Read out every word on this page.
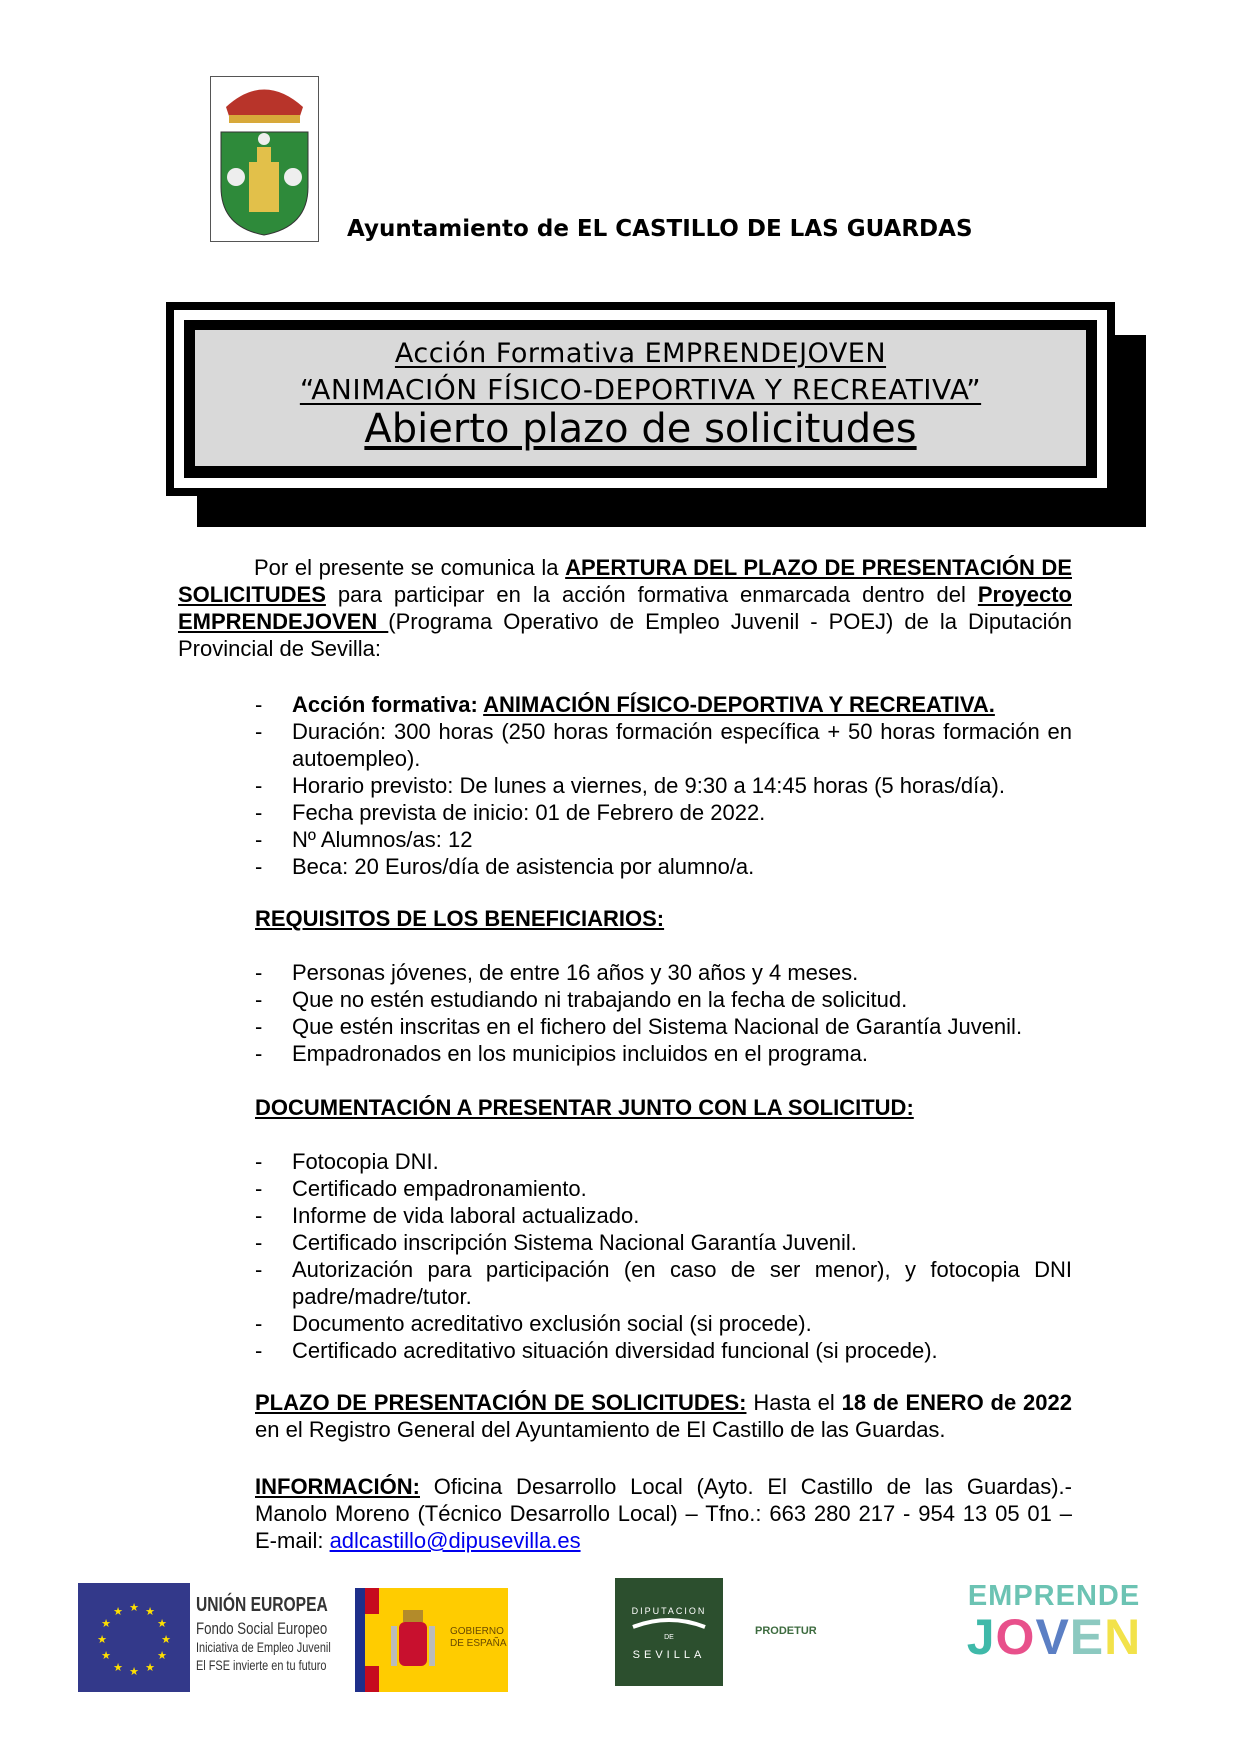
Ayuntamiento de EL CASTILLO DE LAS GUARDAS
Acción Formativa EMPRENDEJOVEN
“ANIMACIÓN FÍSICO-DEPORTIVA Y RECREATIVA”
Abierto plazo de solicitudes
Por el presente se comunica la APERTURA DEL PLAZO DE PRESENTACIÓN DE SOLICITUDES para participar en la acción formativa enmarcada dentro del Proyecto EMPRENDEJOVEN (Programa Operativo de Empleo Juvenil - POEJ) de la Diputación Provincial de Sevilla:
- Acción formativa: ANIMACIÓN FÍSICO-DEPORTIVA Y RECREATIVA.
- Duración: 300 horas (250 horas formación específica + 50 horas formación en autoempleo).
- Horario previsto: De lunes a viernes, de 9:30 a 14:45 horas (5 horas/día).
- Fecha prevista de inicio: 01 de Febrero de 2022.
- Nº Alumnos/as: 12
- Beca: 20 Euros/día de asistencia por alumno/a.
REQUISITOS DE LOS BENEFICIARIOS:
- Personas jóvenes, de entre 16 años y 30 años y 4 meses.
- Que no estén estudiando ni trabajando en la fecha de solicitud.
- Que estén inscritas en el fichero del Sistema Nacional de Garantía Juvenil.
- Empadronados en los municipios incluidos en el programa.
DOCUMENTACIÓN A PRESENTAR JUNTO CON LA SOLICITUD:
- Fotocopia DNI.
- Certificado empadronamiento.
- Informe de vida laboral actualizado.
- Certificado inscripción Sistema Nacional Garantía Juvenil.
- Autorización para participación (en caso de ser menor), y fotocopia DNI padre/madre/tutor.
- Documento acreditativo exclusión social (si procede).
- Certificado acreditativo situación diversidad funcional (si procede).
PLAZO DE PRESENTACIÓN DE SOLICITUDES: Hasta el 18 de ENERO de 2022 en el Registro General del Ayuntamiento de El Castillo de las Guardas.
INFORMACIÓN: Oficina Desarrollo Local (Ayto. El Castillo de las Guardas).- Manolo Moreno (Técnico Desarrollo Local) – Tfno.: 663 280 217 - 954 13 05 01 – E-mail: adlcastillo@dipusevilla.es
★ ★
★
★
★
★
★
★
★
★
★
★	UNIÓN EUROPEA
Fondo Social Europeo
Iniciativa de Empleo Juvenil
El FSE invierte en tu futuro
GOBIERNO DE ESPAÑA
DIPUTACION
DE
SEVILLA
PRODETUR
EMPRENDE
JOVEN
